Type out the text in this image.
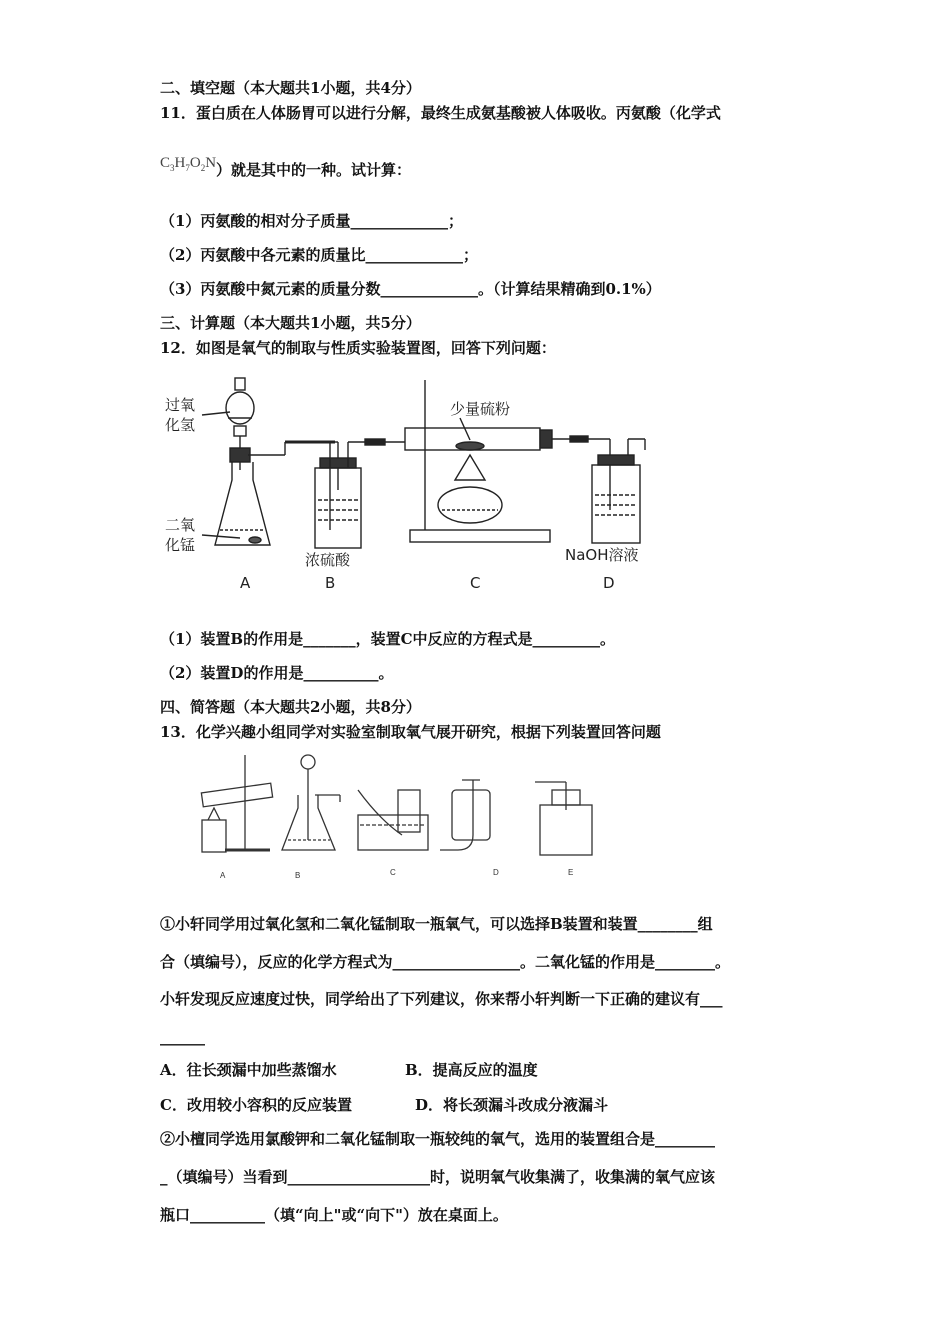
二、填空题（本大题共1小题，共4分）
11．蛋白质在人体肠胃可以进行分解，最终生成氨基酸被人体吸收。丙氨酸（化学式
$C_3H_7O_2N$）就是其中的一种。试计算：
（1）丙氨酸的相对分子质量_____________；
（2）丙氨酸中各元素的质量比_____________；
（3）丙氨酸中氮元素的质量分数_____________。（计算结果精确到0.1%）
三、计算题（本大题共1小题，共5分）
12．如图是氧气的制取与性质实验装置图，回答下列问题：
过氧
化氢
二氧
化锰
浓硫酸
少量硫粉
NaOH溶液
A	B	C	D
（1）装置B的作用是_______，装置C中反应的方程式是_________。
（2）装置D的作用是__________。
四、简答题（本大题共2小题，共8分）
13．化学兴趣小组同学对实验室制取氧气展开研究，根据下列装置回答问题
A	B	C	D	E
①小轩同学用过氧化氢和二氧化锰制取一瓶氧气，可以选择B装置和装置________组
合（填编号），反应的化学方程式为_________________。二氧化锰的作用是________。
小轩发现反应速度过快，同学给出了下列建议，你来帮小轩判断一下正确的建议有___
______
A．往长颈漏中加些蒸馏水	B．提高反应的温度
C．改用较小容积的反应装置	D．将长颈漏斗改成分液漏斗
②小檀同学选用氯酸钾和二氧化锰制取一瓶较纯的氧气，选用的装置组合是________
_（填编号）当看到___________________时，说明氧气收集满了，收集满的氧气应该
瓶口__________（填“向上"或“向下"）放在桌面上。
